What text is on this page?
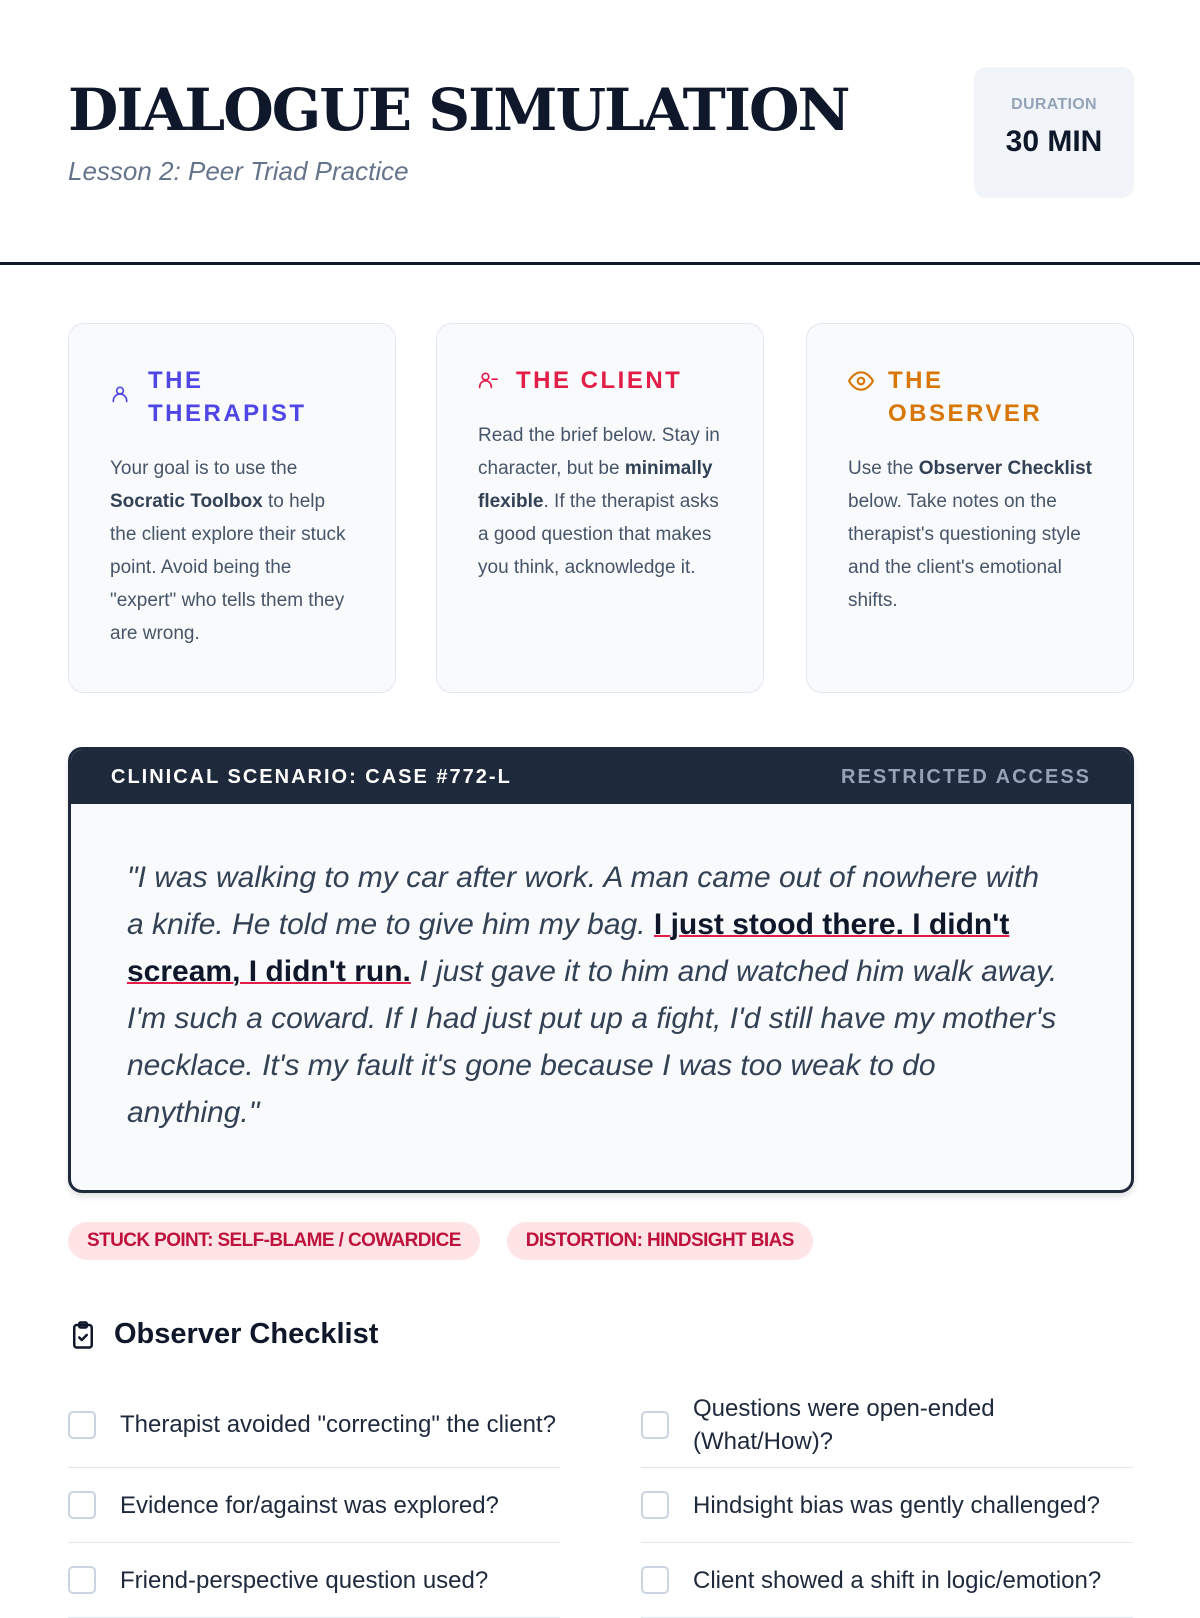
DIALOGUE SIMULATION
Lesson 2: Peer Triad Practice
DURATION
30 MIN
THE THERAPIST
Your goal is to use the Socratic Toolbox to help the client explore their stuck point. Avoid being the "expert" who tells them they are wrong.
THE CLIENT
Read the brief below. Stay in character, but be minimally flexible. If the therapist asks a good question that makes you think, acknowledge it.
THE OBSERVER
Use the Observer Checklist below. Take notes on the therapist's questioning style and the client's emotional shifts.
CLINICAL SCENARIO: CASE #772-L	RESTRICTED ACCESS
"I was walking to my car after work. A man came out of nowhere with a knife. He told me to give him my bag. I just stood there. I didn't scream, I didn't run. I just gave it to him and watched him walk away. I'm such a coward. If I had just put up a fight, I'd still have my mother's necklace. It's my fault it's gone because I was too weak to do anything."
STUCK POINT: SELF-BLAME / COWARDICE	DISTORTION: HINDSIGHT BIAS
Observer Checklist
Therapist avoided "correcting" the client?
Evidence for/against was explored?
Friend-perspective question used?
Questions were open-ended (What/How)?
Hindsight bias was gently challenged?
Client showed a shift in logic/emotion?
